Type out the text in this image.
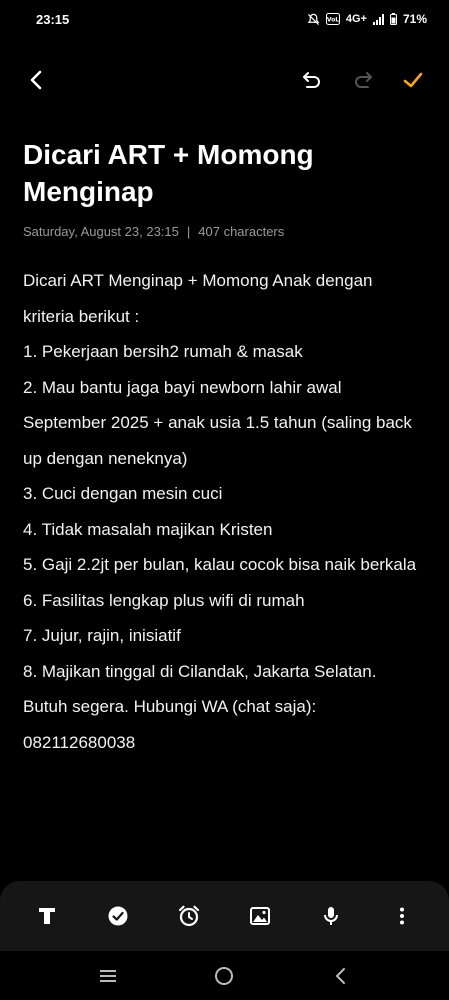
23:15	VoL 4G+	71%
Dicari ART + Momong Menginap
Saturday, August 23, 23:15 | 407 characters
Dicari ART Menginap + Momong Anak dengan kriteria berikut :
1. Pekerjaan bersih2 rumah & masak
2. Mau bantu jaga bayi newborn lahir awal September 2025 + anak usia 1.5 tahun (saling back up dengan neneknya)
3. Cuci dengan mesin cuci
4. Tidak masalah majikan Kristen
5. Gaji 2.2jt per bulan, kalau cocok bisa naik berkala
6. Fasilitas lengkap plus wifi di rumah
7. Jujur, rajin, inisiatif
8. Majikan tinggal di Cilandak, Jakarta Selatan.
Butuh segera. Hubungi WA (chat saja):
082112680038
